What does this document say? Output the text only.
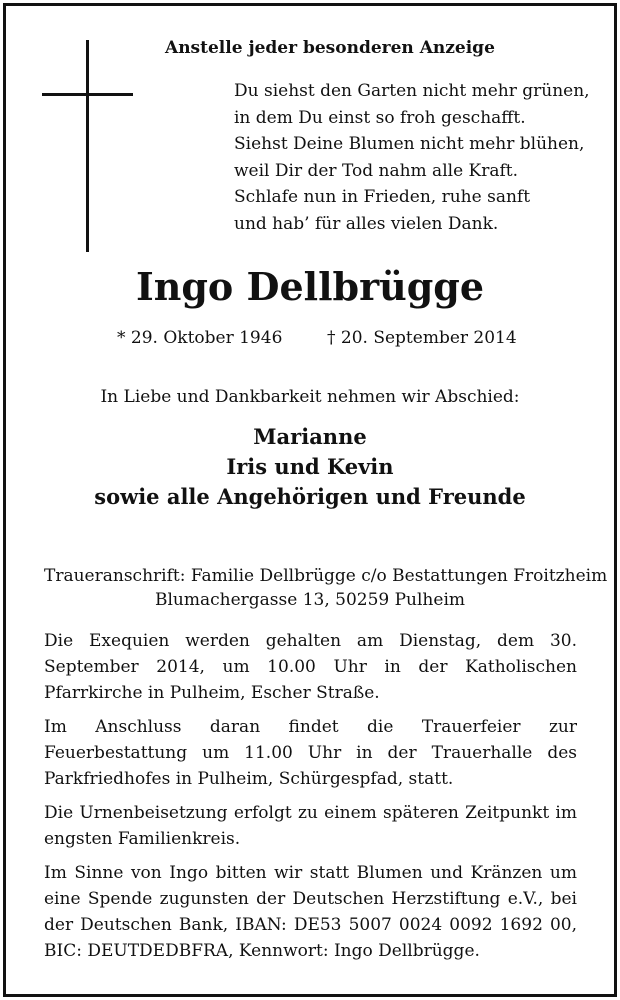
Anstelle jeder besonderen Anzeige
Du siehst den Garten nicht mehr grünen,
in dem Du einst so froh geschafft.
Siehst Deine Blumen nicht mehr blühen,
weil Dir der Tod nahm alle Kraft.
Schlafe nun in Frieden, ruhe sanft
und hab’ für alles vielen Dank.
Ingo Dellbrügge
* 29. Oktober 1946	† 20. September 2014
In Liebe und Dankbarkeit nehmen wir Abschied:
Marianne
Iris und Kevin
sowie alle Angehörigen und Freunde
Traueranschrift: Familie Dellbrügge c/o Bestattungen Froitzheim
Blumachergasse 13, 50259 Pulheim
Die Exequien werden gehalten am Dienstag, dem 30. September 2014, um 10.00 Uhr in der Katholischen Pfarrkirche in Pulheim, Escher Straße.
Im Anschluss daran findet die Trauerfeier zur Feuerbestattung um 11.00 Uhr in der Trauerhalle des Parkfriedhofes in Pulheim, Schürgespfad, statt.
Die Urnenbeisetzung erfolgt zu einem späteren Zeitpunkt im engsten Familienkreis.
Im Sinne von Ingo bitten wir statt Blumen und Kränzen um eine Spende zugunsten der Deutschen Herzstiftung e.V., bei der Deutschen Bank, IBAN: DE53 5007 0024 0092 1692 00, BIC: DEUTDEDBFRA, Kennwort: Ingo Dellbrügge.
